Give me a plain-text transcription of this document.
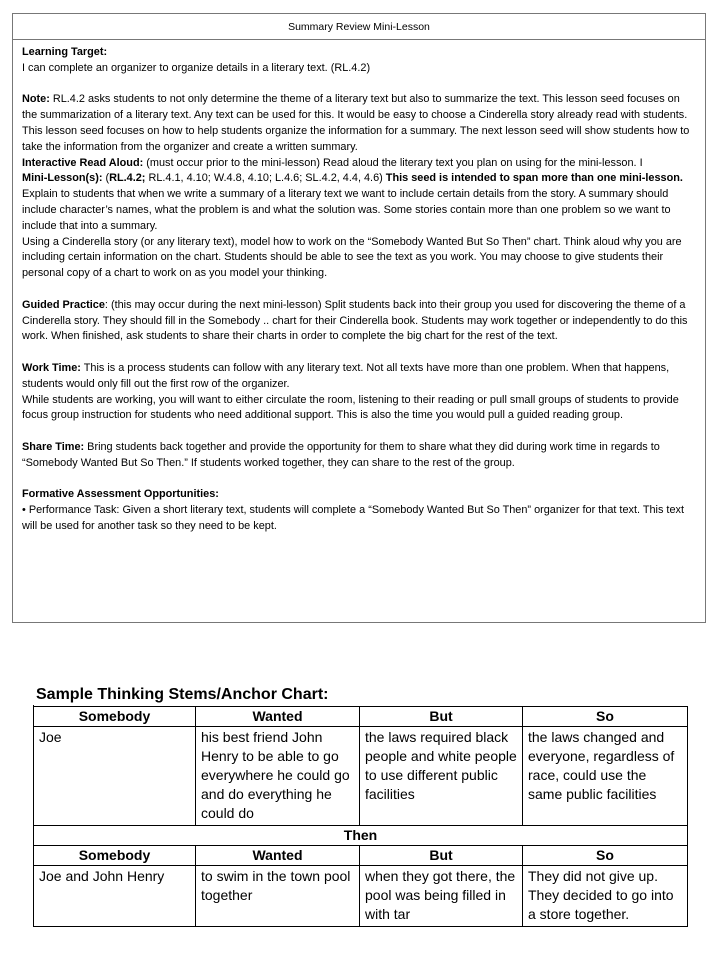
Summary Review Mini-Lesson

Learning Target:

I can complete an organizer to organize details in a literary text. (RL.4.2)

Note: RL.4.2 asks students to not only determine the theme of a literary text but also to summarize the text. This lesson seed focuses on the summarization of a literary text. Any text can be used for this. It would be easy to choose a Cinderella story already read with students.

This lesson seed focuses on how to help students organize the information for a summary. The next lesson seed will show students how to take the information from the organizer and create a written summary.

Interactive Read Aloud: (must occur prior to the mini-lesson) Read aloud the literary text you plan on using for the mini-lesson. I

Mini-Lesson(s): (RL.4.2; RL.4.1, 4.10; W.4.8, 4.10; L.4.6; SL.4.2, 4.4, 4.6) This seed is intended to span more than one mini-lesson. Explain to students that when we write a summary of a literary text we want to include certain details from the story. A summary should include character’s names, what the problem is and what the solution was. Some stories contain more than one problem so we want to include that into a summary.

Using a Cinderella story (or any literary text), model how to work on the “Somebody Wanted But So Then” chart. Think aloud why you are including certain information on the chart. Students should be able to see the text as you work. You may choose to give students their personal copy of a chart to work on as you model your thinking.

Guided Practice: (this may occur during the next mini-lesson) Split students back into their group you used for discovering the theme of a Cinderella story. They should fill in the Somebody .. chart for their Cinderella book. Students may work together or independently to do this work. When finished, ask students to share their charts in order to complete the big chart for the rest of the text.

Work Time: This is a process students can follow with any literary text. Not all texts have more than one problem. When that happens, students would only fill out the first row of the organizer.

While students are working, you will want to either circulate the room, listening to their reading or pull small groups of students to provide focus group instruction for students who need additional support. This is also the time you would pull a guided reading group.

Share Time: Bring students back together and provide the opportunity for them to share what they did during work time in regards to “Somebody Wanted But So Then.” If students worked together, they can share to the rest of the group.

Formative Assessment Opportunities:

• Performance Task: Given a short literary text, students will complete a “Somebody Wanted But So Then” organizer for that text. This text will be used for another task so they need to be kept.

Sample Thinking Stems/Anchor Chart:
Somebody	Wanted	But	So
Joe	his best friend John Henry to be able to go everywhere he could go and do everything he could do	the laws required black people and white people to use different public facilities	the laws changed and everyone, regardless of race, could use the same public facilities
Then			
Somebody	Wanted	But	So
Joe and John Henry	to swim in the town pool together	when they got there, the pool was being filled in with tar	They did not give up. They decided to go into a store together.
